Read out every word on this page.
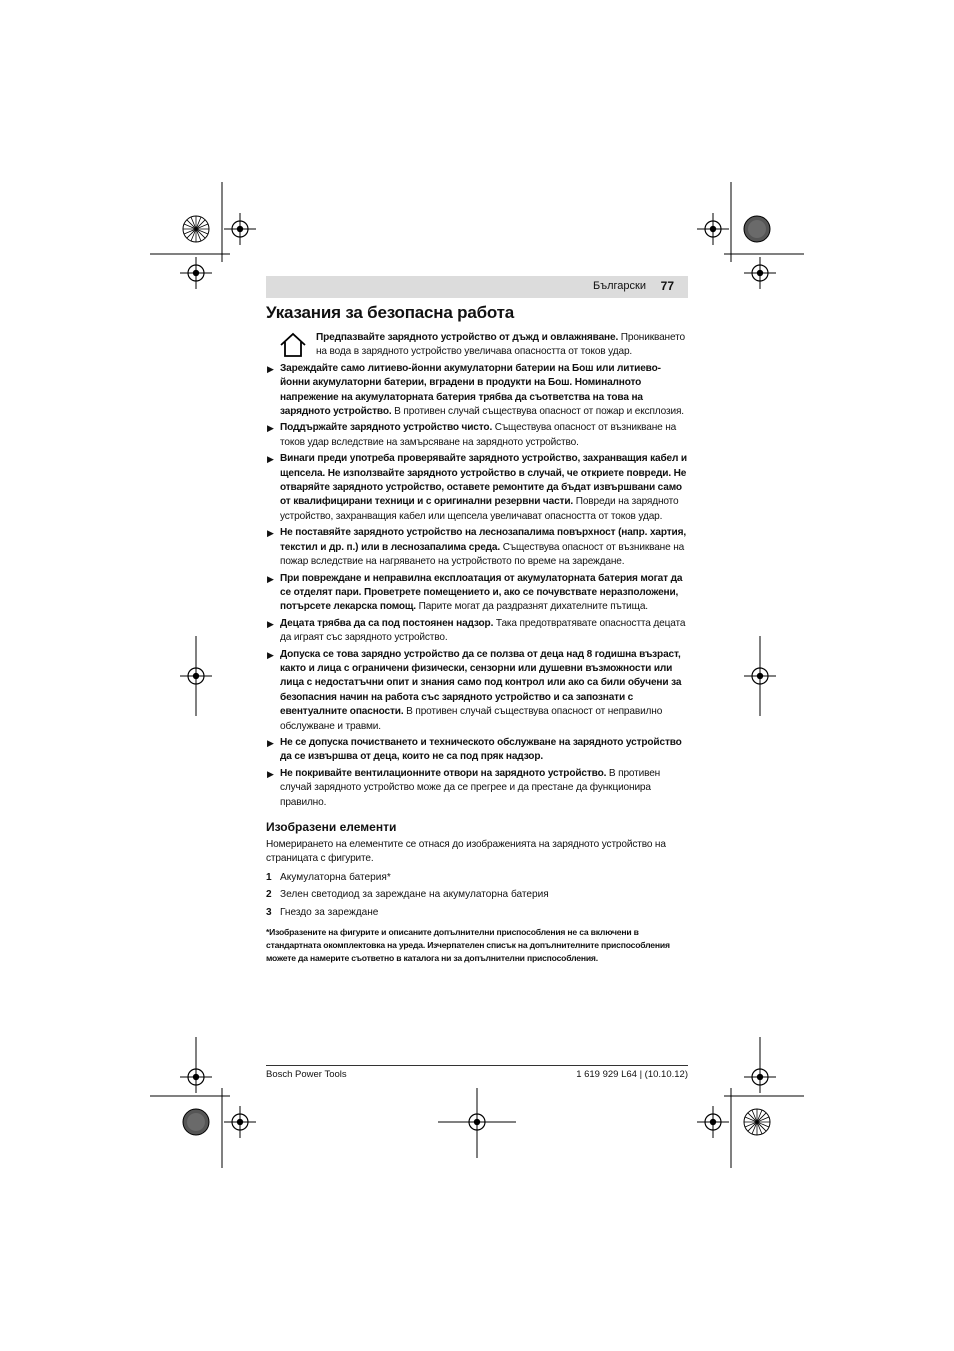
Български 77
Указания за безопасна работа

Предпазвайте зарядното устройство от дъжд и овлажняване. Проникването на вода в зарядното устройство увеличава опасността от токов удар.

▶ Зареждайте само литиево-йонни акумулаторни батерии на Бош или литиево-йонни акумулаторни батерии, вградени в продукти на Бош. Номиналното напрежение на акумулаторната батерия трябва да съответства на това на зарядното устройство. В противен случай съществува опасност от пожар и експлозия.

▶ Поддържайте зарядното устройство чисто. Съществува опасност от възникване на токов удар вследствие на замърсяване на зарядното устройство.

▶ Винаги преди употреба проверявайте зарядното устройство, захранващия кабел и щепсела. Не използвайте зарядното устройство в случай, че откриете повреди. Не отваряйте зарядното устройство, оставете ремонтите да бъдат извършвани само от квалифицирани техници и с оригинални резервни части. Повреди на зарядното устройство, захранващия кабел или щепсела увеличават опасността от токов удар.

▶ Не поставяйте зарядното устройство на леснозапалима повърхност (напр. хартия, текстил и др. п.) или в леснозапалима среда. Съществува опасност от възникване на пожар вследствие на нагряването на устройството по време на зареждане.

▶ При повреждане и неправилна експлоатация от акумулаторната батерия могат да се отделят пари. Проветрете помещението и, ако се почувствате неразположени, потърсете лекарска помощ. Парите могат да раздразнят дихателните пътища.

▶ Децата трябва да са под постоянен надзор. Така предотвратявате опасността децата да играят със зарядното устройство.

▶ Допуска се това зарядно устройство да се ползва от деца над 8 годишна възраст, както и лица с ограничени физически, сензорни или душевни възможности или лица с недостатъчни опит и знания само под контрол или ако са били обучени за безопасния начин на работа със зарядното устройство и са запознати с евентуалните опасности. В противен случай съществува опасност от неправилно обслужване и травми.

▶ Не се допуска почистването и техническото обслужване на зарядното устройство да се извършва от деца, които не са под пряк надзор.

▶ Не покривайте вентилационните отвори на зарядното устройство. В противен случай зарядното устройство може да се прегрее и да престане да функционира правилно.

Изобразени елементи

Номерирането на елементите се отнася до изображенията на зарядното устройство на страницата с фигурите.

1 Акумулаторна батерия*
2 Зелен светодиод за зареждане на акумулаторна батерия
3 Гнездо за зареждане

*Изобразените на фигурите и описаните допълнителни приспособления не са включени в стандартната окомплектовка на уреда. Изчерпателен списък на допълнителните приспособления можете да намерите съответно в каталога ни за допълнителни приспособления.

Bosch Power Tools	1 619 929 L64 | (10.10.12)
